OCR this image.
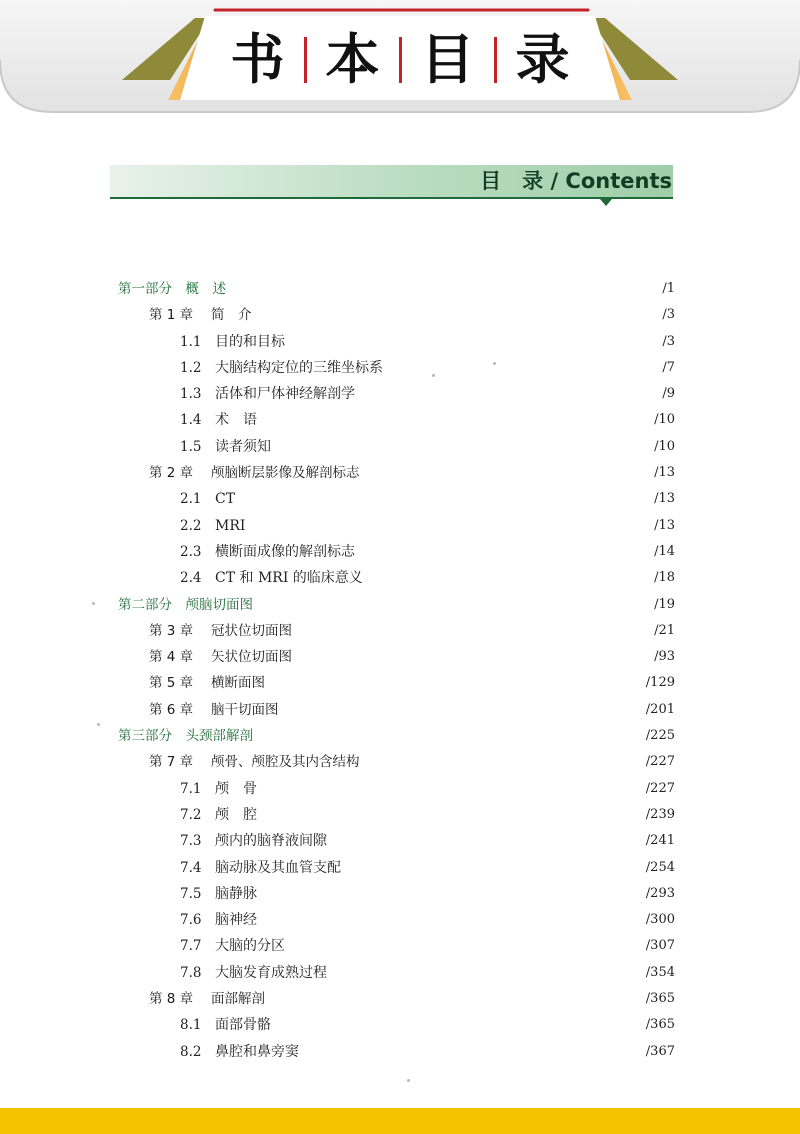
书 本 目 录
目　录 / Contents
第一部分　概　述	/1
第 1 章 简　介	/3
1.1 目的和目标	/3
1.2 大脑结构定位的三维坐标系	/7
1.3 活体和尸体神经解剖学	/9
1.4 术　语	/10
1.5 读者须知	/10
第 2 章 颅脑断层影像及解剖标志	/13
2.1 CT	/13
2.2 MRI	/13
2.3 横断面成像的解剖标志	/14
2.4 CT 和 MRI 的临床意义	/18
第二部分　颅脑切面图	/19
第 3 章 冠状位切面图	/21
第 4 章 矢状位切面图	/93
第 5 章 横断面图	/129
第 6 章 脑干切面图	/201
第三部分　头颈部解剖	/225
第 7 章 颅骨、颅腔及其内含结构	/227
7.1 颅　骨	/227
7.2 颅　腔	/239
7.3 颅内的脑脊液间隙	/241
7.4 脑动脉及其血管支配	/254
7.5 脑静脉	/293
7.6 脑神经	/300
7.7 大脑的分区	/307
7.8 大脑发育成熟过程	/354
第 8 章 面部解剖	/365
8.1 面部骨骼	/365
8.2 鼻腔和鼻旁窦	/367
